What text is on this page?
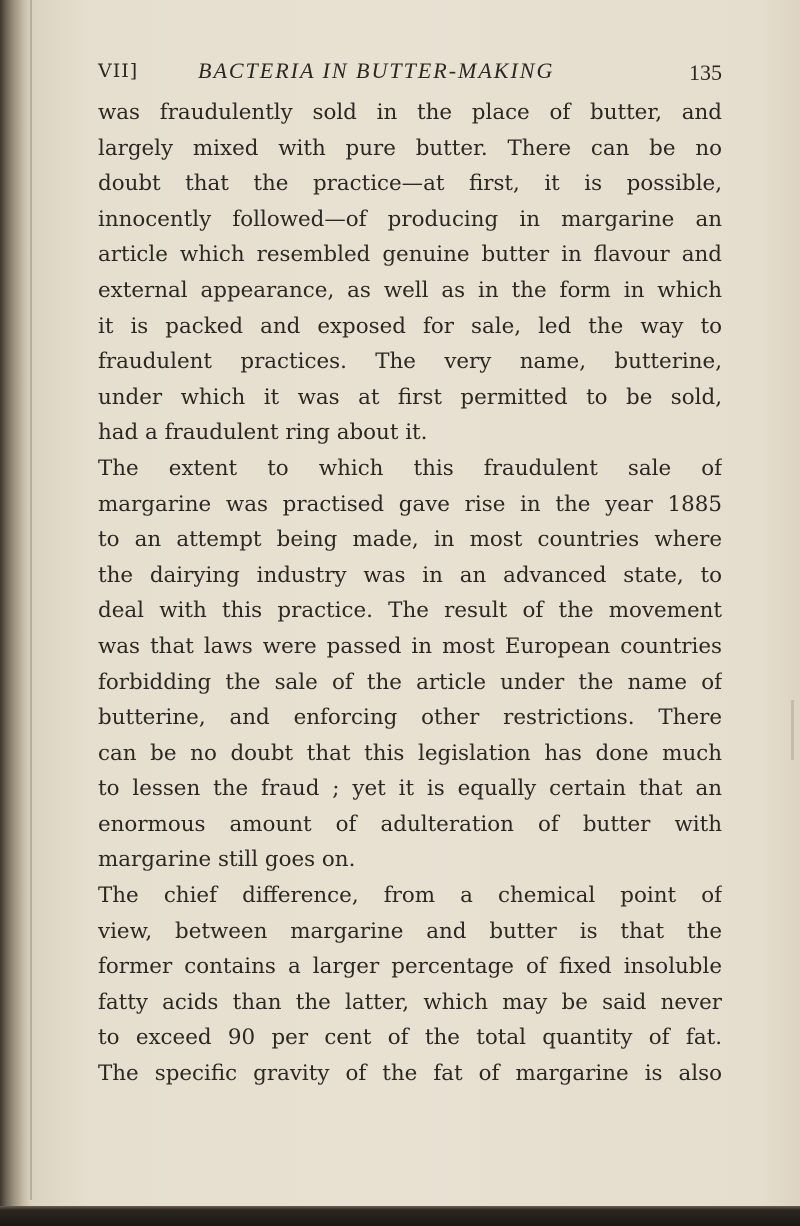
VII]	BACTERIA IN BUTTER-MAKING	135
was fraudulently sold in the place of butter, and
largely mixed with pure butter. There can be no
doubt that the practice—at first, it is possible,
innocently followed—of producing in margarine an
article which resembled genuine butter in flavour and
external appearance, as well as in the form in which
it is packed and exposed for sale, led the way to
fraudulent practices. The very name, butterine,
under which it was at first permitted to be sold,
had a fraudulent ring about it.
The extent to which this fraudulent sale of
margarine was practised gave rise in the year 1885
to an attempt being made, in most countries where
the dairying industry was in an advanced state, to
deal with this practice. The result of the movement
was that laws were passed in most European countries
forbidding the sale of the article under the name of
butterine, and enforcing other restrictions. There
can be no doubt that this legislation has done much
to lessen the fraud ; yet it is equally certain that an
enormous amount of adulteration of butter with
margarine still goes on.
The chief difference, from a chemical point of
view, between margarine and butter is that the
former contains a larger percentage of fixed insoluble
fatty acids than the latter, which may be said never
to exceed 90 per cent of the total quantity of fat.
The specific gravity of the fat of margarine is also
